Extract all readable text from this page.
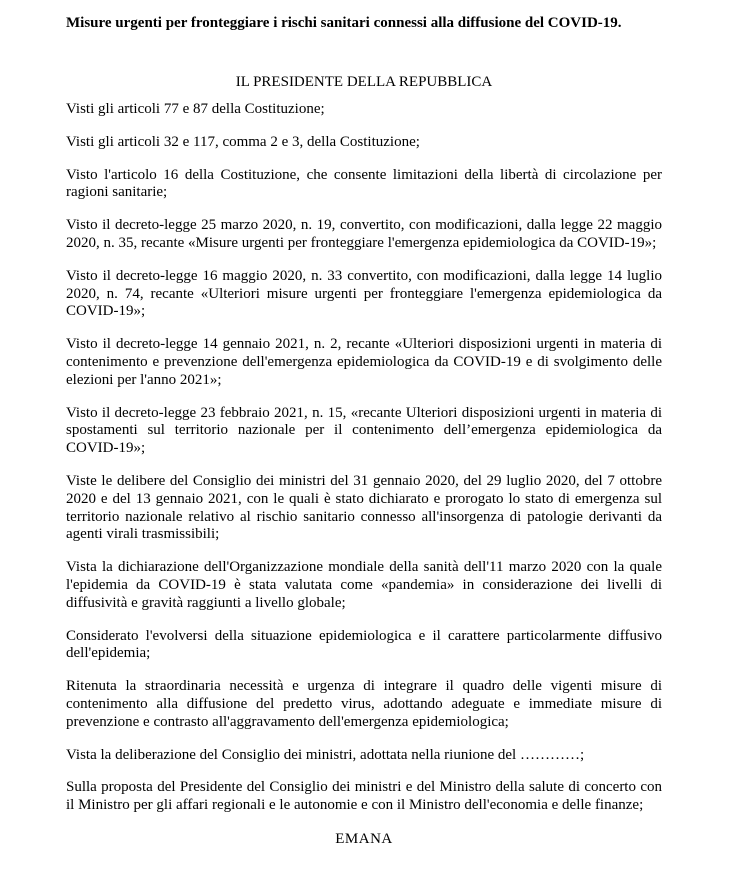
Misure urgenti per fronteggiare i rischi sanitari connessi alla diffusione del COVID-19.

IL PRESIDENTE DELLA REPUBBLICA

Visti gli articoli 77 e 87 della Costituzione;

Visti gli articoli 32 e 117, comma 2 e 3, della Costituzione;

Visto l'articolo 16 della Costituzione, che consente limitazioni della libertà di circolazione per ragioni sanitarie;

Visto il decreto-legge 25 marzo 2020, n. 19, convertito, con modificazioni, dalla legge 22 maggio 2020, n. 35, recante «Misure urgenti per fronteggiare l'emergenza epidemiologica da COVID-19»;

Visto il decreto-legge 16 maggio 2020, n. 33 convertito, con modificazioni, dalla legge 14 luglio 2020, n. 74, recante «Ulteriori misure urgenti per fronteggiare l'emergenza epidemiologica da COVID-19»;

Visto il decreto-legge 14 gennaio 2021, n. 2, recante «Ulteriori disposizioni urgenti in materia di contenimento e prevenzione dell'emergenza epidemiologica da COVID-19 e di svolgimento delle elezioni per l'anno 2021»;

Visto il decreto-legge 23 febbraio 2021, n. 15, «recante Ulteriori disposizioni urgenti in materia di spostamenti sul territorio nazionale per il contenimento dell’emergenza epidemiologica da COVID-19»;

Viste le delibere del Consiglio dei ministri del 31 gennaio 2020, del 29 luglio 2020, del 7 ottobre 2020 e del 13 gennaio 2021, con le quali è stato dichiarato e prorogato lo stato di emergenza sul territorio nazionale relativo al rischio sanitario connesso all'insorgenza di patologie derivanti da agenti virali trasmissibili;

Vista la dichiarazione dell'Organizzazione mondiale della sanità dell'11 marzo 2020 con la quale l'epidemia da COVID-19 è stata valutata come «pandemia» in considerazione dei livelli di diffusività e gravità raggiunti a livello globale;

Considerato l'evolversi della situazione epidemiologica e il carattere particolarmente diffusivo dell'epidemia;

Ritenuta la straordinaria necessità e urgenza di integrare il quadro delle vigenti misure di contenimento alla diffusione del predetto virus, adottando adeguate e immediate misure di prevenzione e contrasto all'aggravamento dell'emergenza epidemiologica;

Vista la deliberazione del Consiglio dei ministri, adottata nella riunione del …………;

Sulla proposta del Presidente del Consiglio dei ministri e del Ministro della salute di concerto con il Ministro per gli affari regionali e le autonomie e con il Ministro dell'economia e delle finanze;

EMANA
